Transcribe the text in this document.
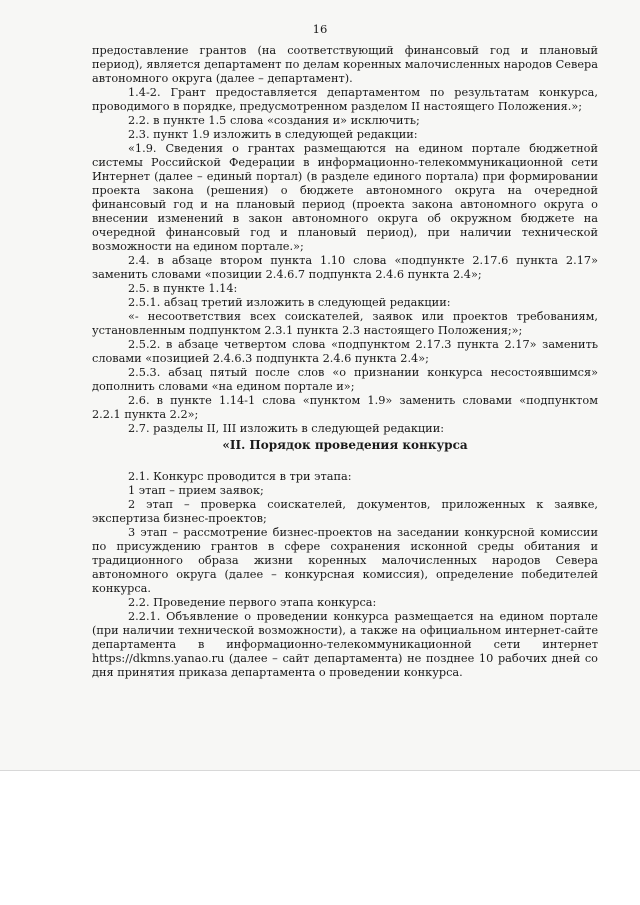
16

предоставление грантов (на соответствующий финансовый год и плановый период), является департамент по делам коренных малочисленных народов Севера автономного округа (далее – департамент).

1.4-2. Грант предоставляется департаментом по результатам конкурса, проводимого в порядке, предусмотренном разделом II настоящего Положения.»;

2.2. в пункте 1.5 слова «создания и» исключить;

2.3. пункт 1.9 изложить в следующей редакции:

«1.9. Сведения о грантах размещаются на едином портале бюджетной системы Российской Федерации в информационно-телекоммуникационной сети Интернет (далее – единый портал) (в разделе единого портала) при формировании проекта закона (решения) о бюджете автономного округа на очередной финансовый год и на плановый период (проекта закона автономного округа о внесении изменений в закон автономного округа об окружном бюджете на очередной финансовый год и плановый период), при наличии технической возможности на едином портале.»;

2.4. в абзаце втором пункта 1.10 слова «подпункте 2.17.6 пункта 2.17» заменить словами «позиции 2.4.6.7 подпункта 2.4.6 пункта 2.4»;

2.5. в пункте 1.14:

2.5.1. абзац третий изложить в следующей редакции:

«- несоответствия всех соискателей, заявок или проектов требованиям, установленным подпунктом 2.3.1 пункта 2.3 настоящего Положения;»;

2.5.2. в абзаце четвертом слова «подпунктом 2.17.3 пункта 2.17» заменить словами «позицией 2.4.6.3 подпункта 2.4.6 пункта 2.4»;

2.5.3. абзац пятый после слов «о признании конкурса несостоявшимся» дополнить словами «на едином портале и»;

2.6. в пункте 1.14-1 слова «пунктом 1.9» заменить словами «подпунктом 2.2.1 пункта 2.2»;

2.7. разделы II, III изложить в следующей редакции:

«II. Порядок проведения конкурса

2.1. Конкурс проводится в три этапа:

1 этап – прием заявок;

2 этап – проверка соискателей, документов, приложенных к заявке, экспертиза бизнес-проектов;

3 этап – рассмотрение бизнес-проектов на заседании конкурсной комиссии по присуждению грантов в сфере сохранения исконной среды обитания и традиционного образа жизни коренных малочисленных народов Севера автономного округа (далее – конкурсная комиссия), определение победителей конкурса.

2.2. Проведение первого этапа конкурса:

2.2.1. Объявление о проведении конкурса размещается на едином портале (при наличии технической возможности), а также на официальном интернет-сайте департамента в информационно-телекоммуникационной сети интернет https://dkmns.yanao.ru (далее – сайт департамента) не позднее 10 рабочих дней со дня принятия приказа департамента о проведении конкурса.
